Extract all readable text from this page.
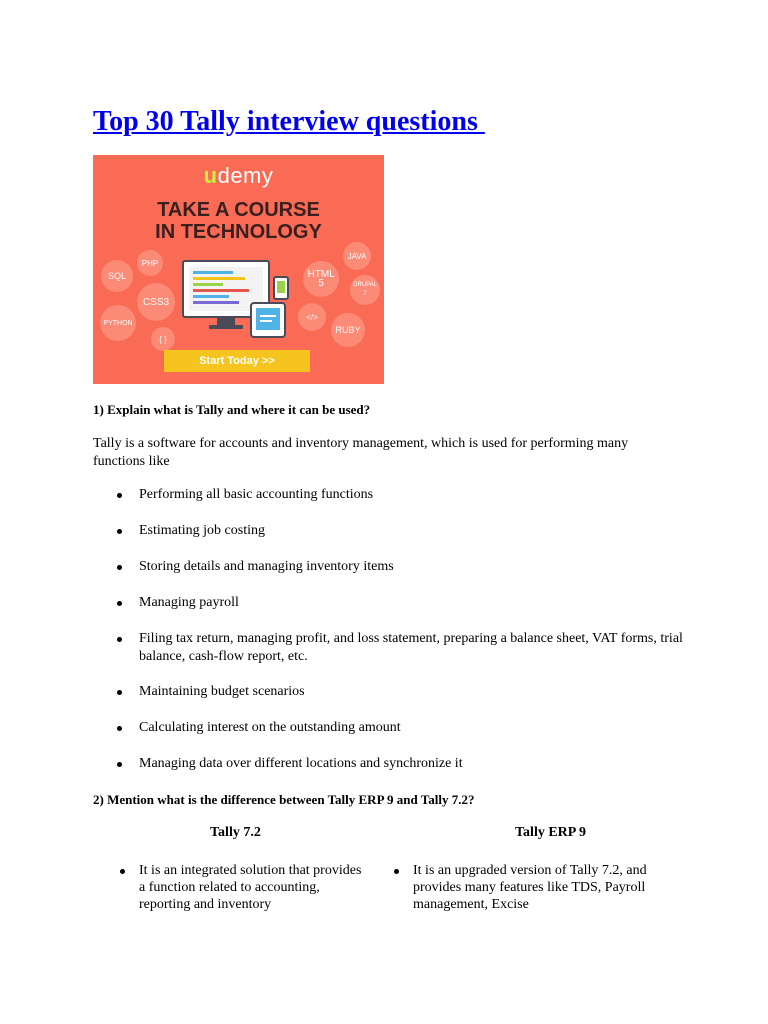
Top 30 Tally interview questions
udemy
TAKE A COURSE
IN TECHNOLOGY
SQL
PHP
CSS3
PYTHON
{ }
JAVA
HTML 5	DRUPAL 7
</>
RUBY
Start Today >>

1) Explain what is Tally and where it can be used?

Tally is a software for accounts and inventory management, which is used for performing many functions like

Performing all basic accounting functions
Estimating job costing
Storing details and managing inventory items
Managing payroll
Filing tax return, managing profit, and loss statement, preparing a balance sheet, VAT forms, trial balance, cash-flow report, etc.
Maintaining budget scenarios
Calculating interest on the outstanding amount
Managing data over different locations and synchronize it

2) Mention what is the difference between Tally ERP 9 and Tally 7.2?

Tally 7.2	Tally ERP 9
It is an integrated solution that provides a function related to accounting, reporting and inventory
It is an upgraded version of Tally 7.2, and provides many features like TDS, Payroll management, Excise
